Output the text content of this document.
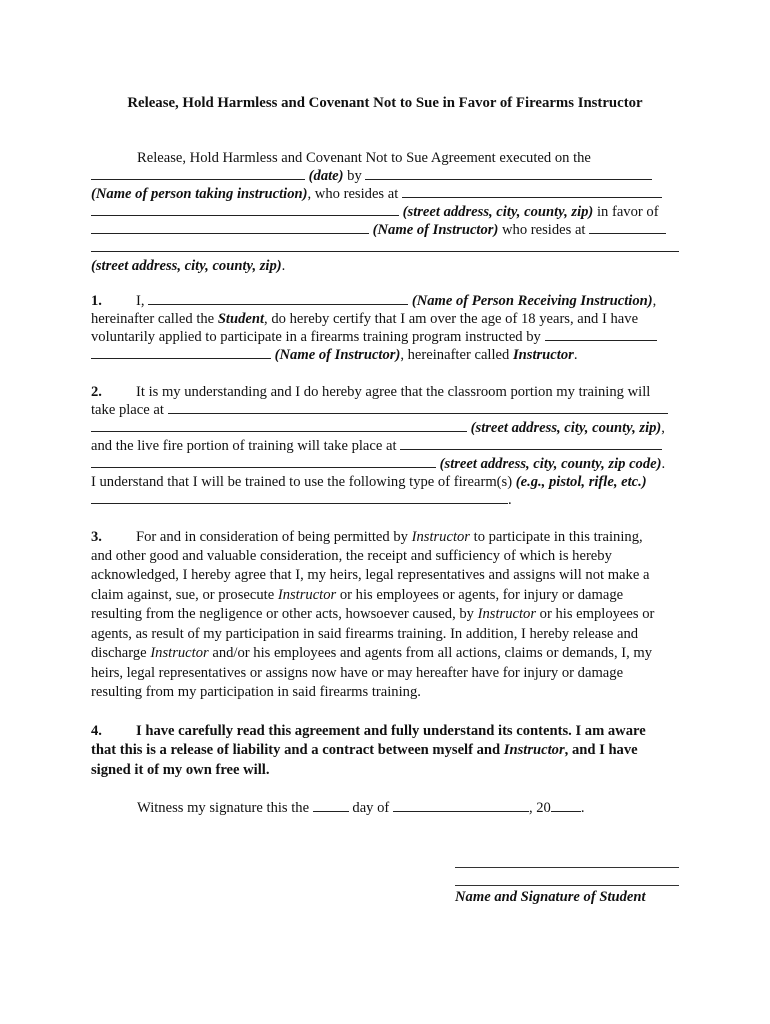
Release, Hold Harmless and Covenant Not to Sue in Favor of Firearms Instructor
Release, Hold Harmless and Covenant Not to Sue Agreement executed on the
(date) by
(Name of person taking instruction), who resides at
(street address, city, county, zip) in favor of
(Name of Instructor) who resides at
(street address, city, county, zip).
1. I,	(Name of Person Receiving Instruction),
hereinafter called the Student, do hereby certify that I am over the age of 18 years, and I have
voluntarily applied to participate in a firearms training program instructed by
(Name of Instructor), hereinafter called Instructor.
2. It is my understanding and I do hereby agree that the classroom portion my training will
take place at
(street address, city, county, zip),
and the live fire portion of training will take place at
(street address, city, county, zip code).
I understand that I will be trained to use the following type of firearm(s) (e.g., pistol, rifle, etc.)
.
3. For and in consideration of being permitted by Instructor to participate in this training,
and other good and valuable consideration, the receipt and sufficiency of which is hereby
acknowledged, I hereby agree that I, my heirs, legal representatives and assigns will not make a
claim against, sue, or prosecute Instructor or his employees or agents, for injury or damage
resulting from the negligence or other acts, howsoever caused, by Instructor or his employees or
agents, as result of my participation in said firearms training. In addition, I hereby release and
discharge Instructor and/or his employees and agents from all actions, claims or demands, I, my
heirs, legal representatives or assigns now have or may hereafter have for injury or damage
resulting from my participation in said firearms training.
4. I have carefully read this agreement and fully understand its contents. I am aware
that this is a release of liability and a contract between myself and Instructor, and I have
signed it of my own free will.
Witness my signature this the	day of	, 20 .
Name and Signature of Student
